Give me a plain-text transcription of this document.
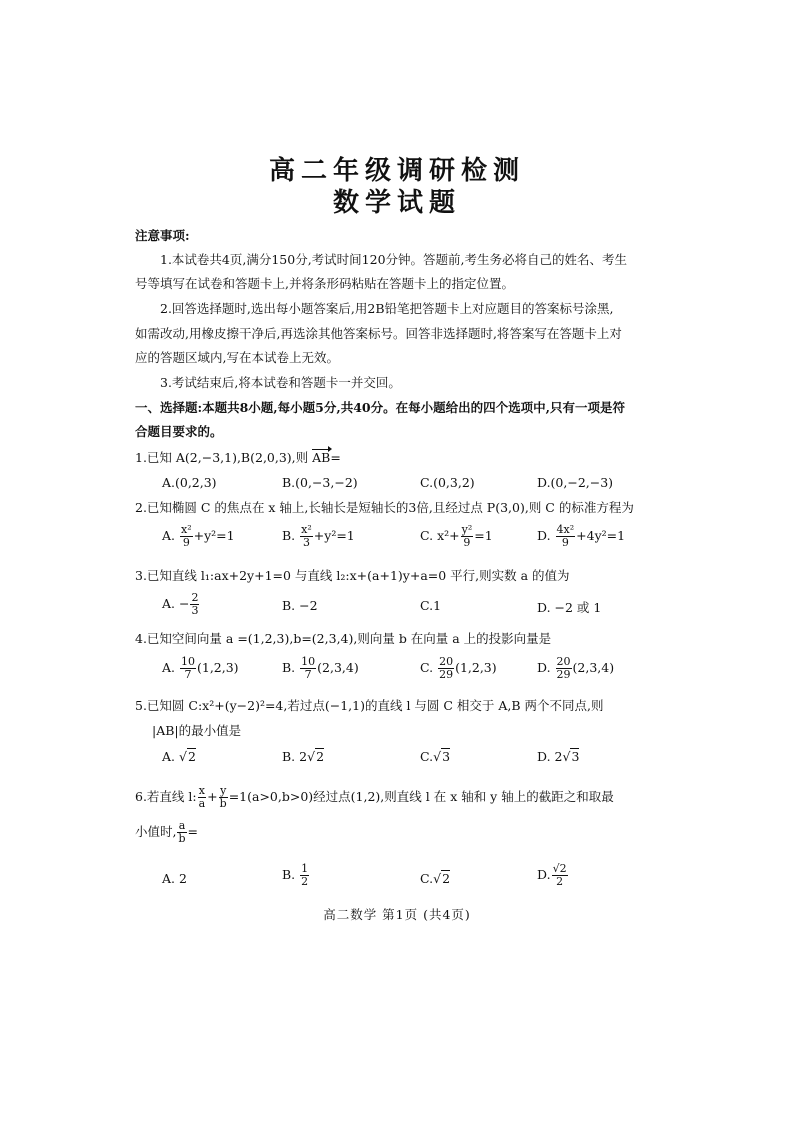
高二年级调研检测
数学试题
注意事项:
1.本试卷共4页,满分150分,考试时间120分钟。答题前,考生务必将自己的姓名、考生
号等填写在试卷和答题卡上,并将条形码粘贴在答题卡上的指定位置。
2.回答选择题时,选出每小题答案后,用2B铅笔把答题卡上对应题目的答案标号涂黑,
如需改动,用橡皮擦干净后,再选涂其他答案标号。回答非选择题时,将答案写在答题卡上对
应的答题区域内,写在本试卷上无效。
3.考试结束后,将本试卷和答题卡一并交回。
一、选择题:本题共8小题,每小题5分,共40分。在每小题给出的四个选项中,只有一项是符
合题目要求的。
1.已知 A(2,−3,1),B(2,0,3),则 AB=
A.(0,2,3)	B.(0,−3,−2)	C.(0,3,2)	D.(0,−2,−3)
2.已知椭圆 C 的焦点在 x 轴上,长轴长是短轴长的3倍,且经过点 P(3,0),则 C 的标准方程为
A. $\frac{\text{x²}}{9} +y^2=1$	B. $\frac{\text{x²}}{3} +y^2=1$	C. $x^2+ \frac{\text{y²}}{9} =1$	D. $\frac{\text{4x²}}{9} +4y^2=1$
3.已知直线 l₁:ax+2y+1=0 与直线 l₂:x+(a+1)y+a=0 平行,则实数 a 的值为
A. − $\frac{2}{3}$	B. −2	C.1	D. −2 或 1
4.已知空间向量 a =(1,2,3),b=(2,3,4),则向量 b 在向量 a 上的投影向量是
A. $\frac{10}{7} (1,2,3)$	B. $\frac{10}{7} (2,3,4)$	C. $\frac{20}{29} (1,2,3)$	D. $\frac{20}{29} (2,3,4)$
5.已知圆 C:x²+(y−2)²=4,若过点(−1,1)的直线 l 与圆 C 相交于 A,B 两个不同点,则
|AB|的最小值是
A. √2	B. 2√2	C.√3	D. 2√3
6.若直线 l: $\frac{x}{a} + \frac{y}{b} =1(a>0,b>0)$经过点(1,2),则直线 l 在 x 轴和 y 轴上的截距之和取最
小值时, $\frac{a}{b}$ =
A. 2	B. $\frac{1}{2}$	C.√2	D. $\frac{√2}{2}$
高二数学 第1页 (共4页)
